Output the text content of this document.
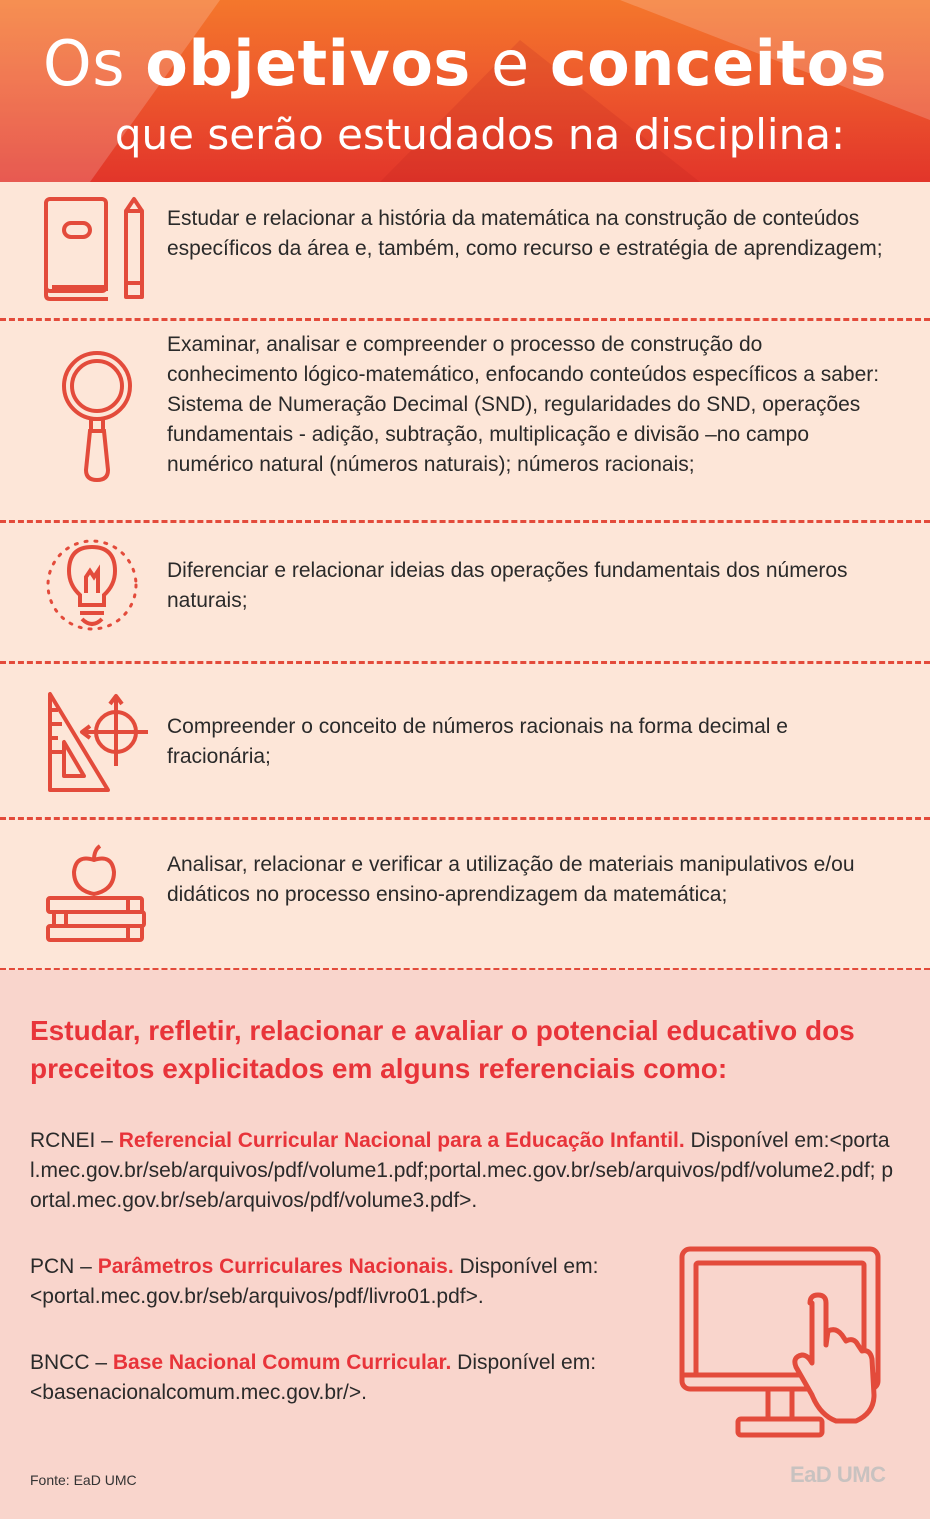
Os objetivos e conceitos
que serão estudados na disciplina:

Estudar e relacionar a história da matemática na construção de conteúdos específicos da área e, também, como recurso e estratégia de aprendizagem;

Examinar, analisar e compreender o processo de construção do conhecimento lógico-matemático, enfocando conteúdos específicos a saber: Sistema de Numeração Decimal (SND), regularidades do SND, operações fundamentais - adição, subtração, multiplicação e divisão –no campo numérico natural (números naturais); números racionais;

Diferenciar e relacionar ideias das operações fundamentais dos números naturais;

Compreender o conceito de números racionais na forma decimal e fracionária;

Analisar, relacionar e verificar a utilização de materiais manipulativos e/ou didáticos no processo ensino-aprendizagem da matemática;

Estudar, refletir, relacionar e avaliar o potencial educativo dos preceitos explicitados em alguns referenciais como:

RCNEI – Referencial Curricular Nacional para a Educação Infantil. Disponível em:<portal.mec.gov.br/seb/arquivos/pdf/volume1.pdf;portal.mec.gov.br/seb/arquivos/pdf/volume2.pdf; portal.mec.gov.br/seb/arquivos/pdf/volume3.pdf>.

PCN – Parâmetros Curriculares Nacionais. Disponível em: <portal.mec.gov.br/seb/arquivos/pdf/livro01.pdf>.

BNCC – Base Nacional Comum Curricular. Disponível em: <basenacionalcomum.mec.gov.br/>.

Fonte: EaD UMC	EaD UMC
